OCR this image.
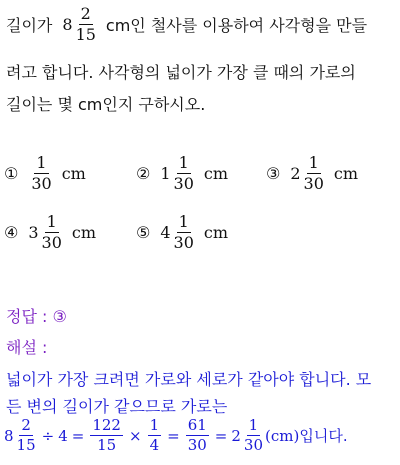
길이가 $8 \frac{2}{15}$ cm인 철사를 이용하여 사각형을 만들
려고 합니다. 사각형의 넓이가 가장 클 때의 가로의
길이는 몇 cm인지 구하시오.
① $\frac{1}{30}$ cm	② $1 \frac{1}{30}$ cm ③ $2 \frac{1}{30}$ cm
④ $3 \frac{1}{30}$ cm ⑤ $4 \frac{1}{30}$ cm
정답 : ③
해설 :
넓이가 가장 크려면 가로와 세로가 같아야 합니다. 모
든 변의 길이가 같으므로 가로는
$8 \frac{2}{15} \div 4 = \frac{122}{15} \times \frac{1}{4} = \frac{61}{30} = 2 \frac{1}{30} (cm)$ 입니다.
